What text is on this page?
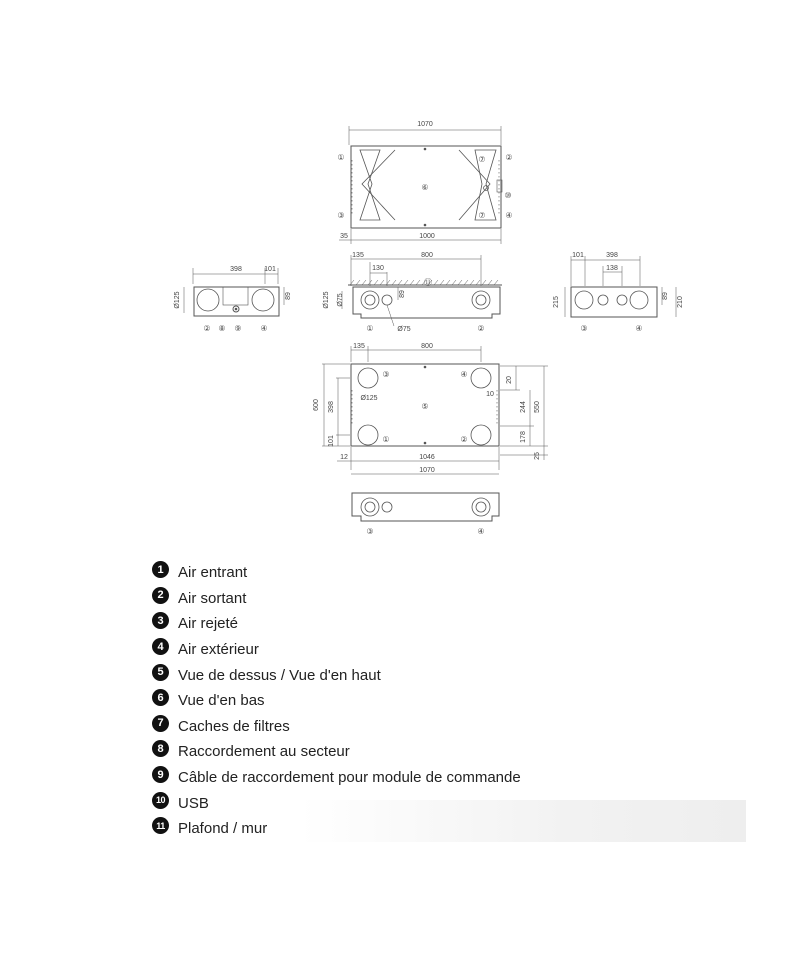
1070
①	②
③	④
⑥
⑦
⑦
⑩
35	1000
398	101
Ø125	89
② ⑧ ⑨ ④
135	800
130
⑪
Ø125 Ø75	89
①	Ø75	②
101	398
138
215
89
210
③	④
135	800
③	④
①	②
⑤
Ø125
600 398
101
20
10
244 550
178
25
12	1046
1070
③	④
1 Air entrant
2 Air sortant
3 Air rejeté
4 Air extérieur
5 Vue de dessus / Vue d'en haut
6 Vue d'en bas
7 Caches de filtres
8 Raccordement au secteur
9 Câble de raccordement pour module de commande
10 USB
11 Plafond / mur
